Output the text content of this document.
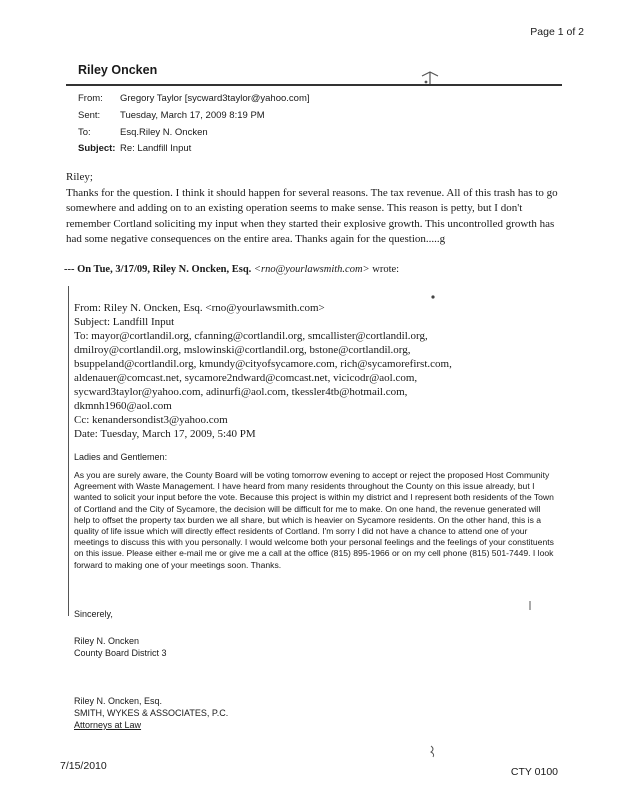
Page 1 of 2
Riley Oncken
From: Gregory Taylor [sycward3taylor@yahoo.com]
Sent: Tuesday, March 17, 2009 8:19 PM
To:	Esq.Riley N. Oncken
Subject: Re: Landfill Input

Riley;

Thanks for the question. I think it should happen for several reasons. The tax revenue. All of this trash has to go somewhere and adding on to an existing operation seems to make sense. This reason is petty, but I don't remember Cortland soliciting my input when they started their explosive growth. This uncontrolled growth has had some negative consequences on the entire area. Thanks again for the question.....g

--- On Tue, 3/17/09, Riley N. Oncken, Esq. <rno@yourlawsmith.com> wrote:
From: Riley N. Oncken, Esq. <rno@yourlawsmith.com>
Subject: Landfill Input
To: mayor@cortlandil.org, cfanning@cortlandil.org, smcallister@cortlandil.org,
dmilroy@cortlandil.org, mslowinski@cortlandil.org, bstone@cortlandil.org,
bsuppeland@cortlandil.org, kmundy@cityofsycamore.com, rich@sycamorefirst.com,
aldenauer@comcast.net, sycamore2ndward@comcast.net, vicicodr@aol.com,
sycward3taylor@yahoo.com, adinurfi@aol.com, tkessler4tb@hotmail.com,
dkmnh1960@aol.com
Cc: kenandersondist3@yahoo.com
Date: Tuesday, March 17, 2009, 5:40 PM
Ladies and Gentlemen:
As you are surely aware, the County Board will be voting tomorrow evening to accept or reject the proposed Host Community Agreement with Waste Management. I have heard from many residents throughout the County on this issue already, but I wanted to solicit your input before the vote. Because this project is within my district and I represent both residents of the Town of Cortland and the City of Sycamore, the decision will be difficult for me to make. On one hand, the revenue generated will help to offset the property tax burden we all share, but which is heavier on Sycamore residents. On the other hand, this is a quality of life issue which will directly effect residents of Cortland. I'm sorry I did not have a chance to attend one of your meetings to discuss this with you personally. I would welcome both your personal feelings and the feelings of your constituents on this issue. Please either e-mail me or give me a call at the office (815) 895-1966 or on my cell phone (815) 501-7449. I look forward to making one of your meetings soon. Thanks.
Sincerely,
Riley N. Oncken
County Board District 3
Riley N. Oncken, Esq.
SMITH, WYKES & ASSOCIATES, P.C.
Attorneys at Law
7/15/2010	CTY 0100
